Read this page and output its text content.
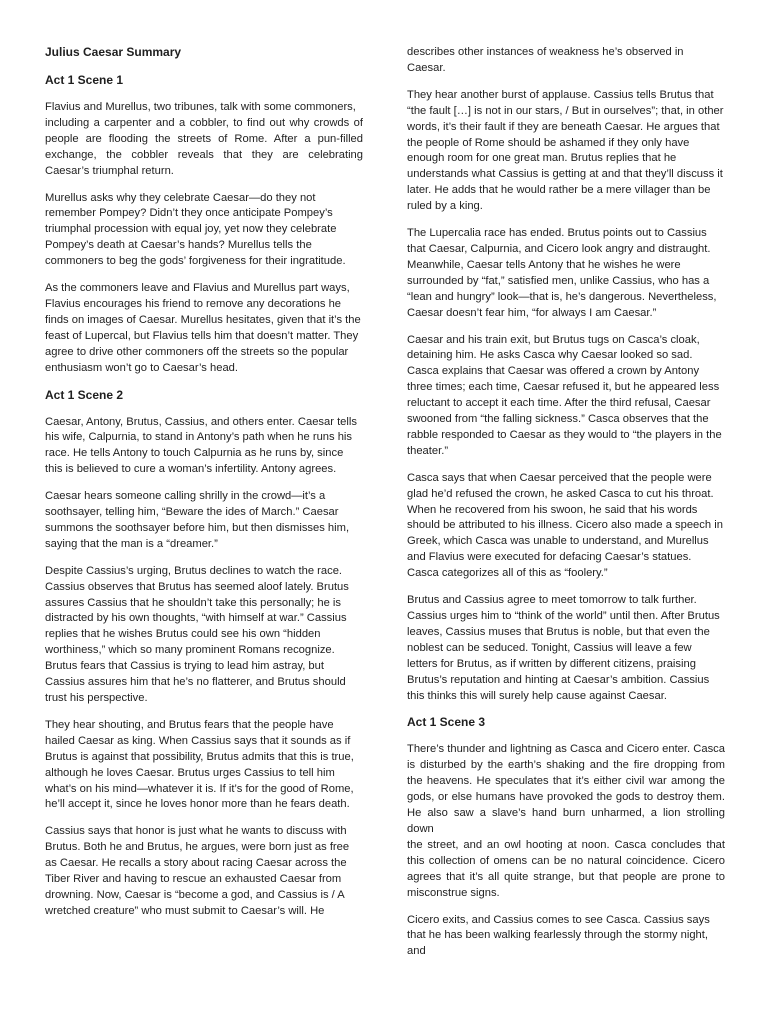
Julius Caesar Summary
Act 1 Scene 1
Flavius and Murellus, two tribunes, talk with some commoners,
including a carpenter and a cobbler, to find out why crowds of people are flooding the streets of Rome. After a pun-filled exchange, the cobbler reveals that they are celebrating Caesar’s triumphal return.
Murellus asks why they celebrate Caesar—do they not remember Pompey? Didn’t they once anticipate Pompey’s triumphal procession with equal joy, yet now they celebrate Pompey’s death at Caesar’s hands? Murellus tells the commoners to beg the gods’ forgiveness for their ingratitude.
As the commoners leave and Flavius and Murellus part ways, Flavius encourages his friend to remove any decorations he finds on images of Caesar. Murellus hesitates, given that it’s the
feast of Lupercal, but Flavius tells him that doesn’t matter. They
agree to drive other commoners off the streets so the popular enthusiasm won’t go to Caesar’s head.
Act 1 Scene 2
Caesar, Antony, Brutus, Cassius, and others enter. Caesar tells his wife, Calpurnia, to stand in Antony’s path when he runs his race. He tells Antony to touch Calpurnia as he runs by, since this is believed to cure a woman’s infertility. Antony agrees.
Caesar hears someone calling shrilly in the crowd—it’s a soothsayer, telling him, “Beware the ides of March.” Caesar summons the soothsayer before him, but then dismisses him, saying that the man is a “dreamer.”
Despite Cassius’s urging, Brutus declines to watch the race. Cassius observes that Brutus has seemed aloof lately. Brutus assures Cassius that he shouldn’t take this personally; he is distracted by his own thoughts, “with himself at war.” Cassius replies that he wishes Brutus could see his own “hidden worthiness,” which so many prominent Romans recognize. Brutus fears that Cassius is trying to lead him astray, but Cassius assures him that he’s no flatterer, and Brutus should trust his perspective.
They hear shouting, and Brutus fears that the people have hailed Caesar as king. When Cassius says that it sounds as if Brutus is against that possibility, Brutus admits that this is true, although he loves Caesar. Brutus urges Cassius to tell him what’s on his mind—whatever it is. If it’s for the good of Rome, he’ll accept it, since he loves honor more than he fears death.
Cassius says that honor is just what he wants to discuss with Brutus. Both he and Brutus, he argues, were born just as free as Caesar. He recalls a story about racing Caesar across the Tiber River and having to rescue an exhausted Caesar from drowning. Now, Caesar is “become a god, and Cassius is / A wretched creature” who must submit to Caesar’s will. He
describes other instances of weakness he’s observed in Caesar.
They hear another burst of applause. Cassius tells Brutus that “the fault […] is not in our stars, / But in ourselves”; that, in other words, it’s their fault if they are beneath Caesar. He argues that the people of Rome should be ashamed if they only have enough room for one great man. Brutus replies that he understands what Cassius is getting at and that they’ll discuss it later. He adds that he would rather be a mere villager than be
ruled by a king.
The Lupercalia race has ended. Brutus points out to Cassius that Caesar, Calpurnia, and Cicero look angry and distraught. Meanwhile, Caesar tells Antony that he wishes he were surrounded by “fat,” satisfied men, unlike Cassius, who has a “lean and hungry” look—that is, he’s dangerous. Nevertheless, Caesar doesn’t fear him, “for always I am Caesar.”
Caesar and his train exit, but Brutus tugs on Casca’s cloak, detaining him. He asks Casca why Caesar looked so sad. Casca explains that Caesar was offered a crown by Antony three times; each time, Caesar refused it, but he appeared less reluctant to accept it each time. After the third refusal, Caesar swooned from “the falling sickness.” Casca observes that the rabble responded to Caesar as they would to “the players in the
theater.”
Casca says that when Caesar perceived that the people were glad he’d refused the crown, he asked Casca to cut his throat. When he recovered from his swoon, he said that his words should be attributed to his illness. Cicero also made a speech in
Greek, which Casca was unable to understand, and Murellus and Flavius were executed for defacing Caesar’s statues. Casca categorizes all of this as “foolery.”
Brutus and Cassius agree to meet tomorrow to talk further. Cassius urges him to “think of the world” until then. After Brutus leaves, Cassius muses that Brutus is noble, but that even the noblest can be seduced. Tonight, Cassius will leave a few letters for Brutus, as if written by different citizens, praising Brutus’s reputation and hinting at Caesar’s ambition. Cassius this thinks this will surely help cause against Caesar.
Act 1 Scene 3
There’s thunder and lightning as Casca and Cicero enter. Casca is disturbed by the earth’s shaking and the fire dropping from the heavens. He speculates that it’s either civil war among the gods, or else humans have provoked the gods to destroy them. He also saw a slave’s hand burn unharmed, a lion strolling down
the street, and an owl hooting at noon. Casca concludes that this collection of omens can be no natural coincidence. Cicero agrees that it’s all quite strange, but that people are prone to misconstrue signs.
Cicero exits, and Cassius comes to see Casca. Cassius says that he has been walking fearlessly through the stormy night, and
